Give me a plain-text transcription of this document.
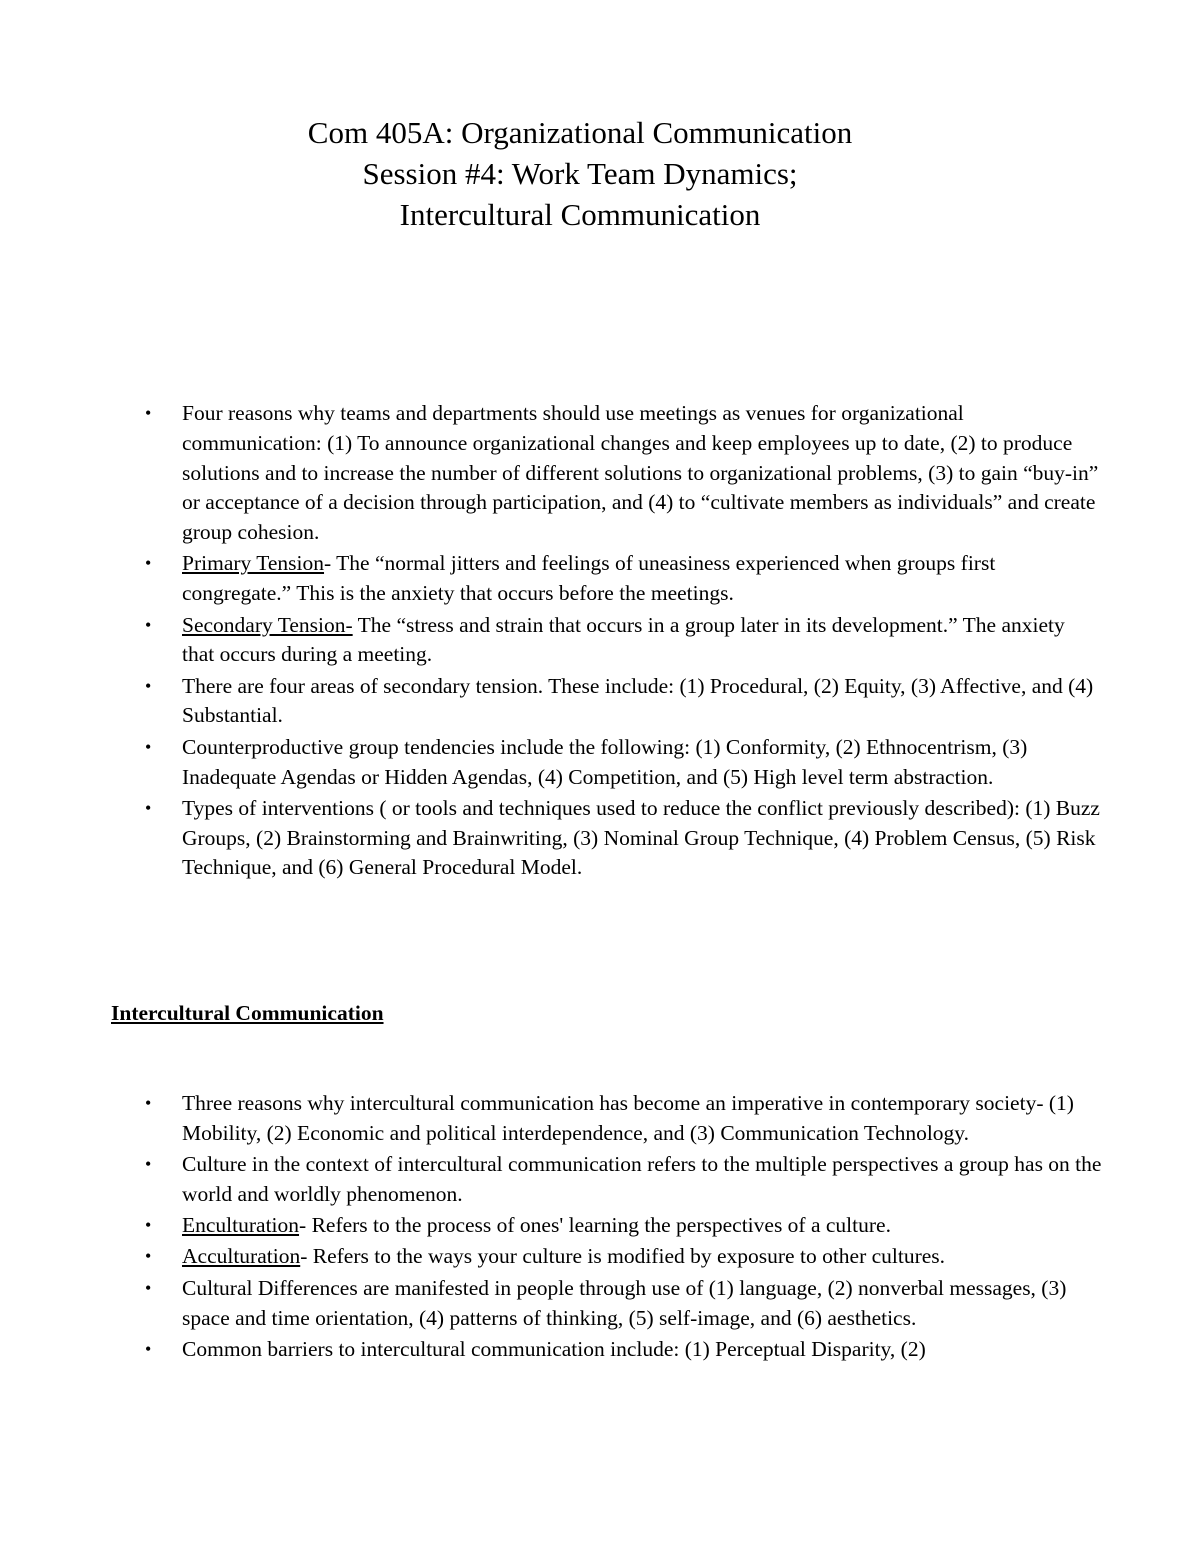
Com 405A: Organizational Communication
Session #4: Work Team Dynamics;
Intercultural Communication
• Four reasons why teams and departments should use meetings as venues for organizational communication: (1) To announce organizational changes and keep employees up to date, (2) to produce solutions and to increase the number of different solutions to organizational problems, (3) to gain “buy-in” or acceptance of a decision through participation, and (4) to “cultivate members as individuals” and create group cohesion.
• Primary Tension- The “normal jitters and feelings of uneasiness experienced when groups first congregate.” This is the anxiety that occurs before the meetings.
• Secondary Tension- The “stress and strain that occurs in a group later in its development.” The anxiety that occurs during a meeting.
• There are four areas of secondary tension. These include: (1) Procedural, (2) Equity, (3) Affective, and (4) Substantial.
• Counterproductive group tendencies include the following: (1) Conformity, (2) Ethnocentrism, (3) Inadequate Agendas or Hidden Agendas, (4) Competition, and (5) High level term abstraction.
• Types of interventions ( or tools and techniques used to reduce the conflict previously described): (1) Buzz Groups, (2) Brainstorming and Brainwriting, (3) Nominal Group Technique, (4) Problem Census, (5) Risk Technique, and (6) General Procedural Model.
Intercultural Communication
• Three reasons why intercultural communication has become an imperative in contemporary society- (1) Mobility, (2) Economic and political interdependence, and (3) Communication Technology.
• Culture in the context of intercultural communication refers to the multiple perspectives a group has on the world and worldly phenomenon.
• Enculturation- Refers to the process of ones' learning the perspectives of a culture.
• Acculturation- Refers to the ways your culture is modified by exposure to other cultures.
• Cultural Differences are manifested in people through use of (1) language, (2) nonverbal messages, (3) space and time orientation, (4) patterns of thinking, (5) self-image, and (6) aesthetics.
• Common barriers to intercultural communication include: (1) Perceptual Disparity, (2)
